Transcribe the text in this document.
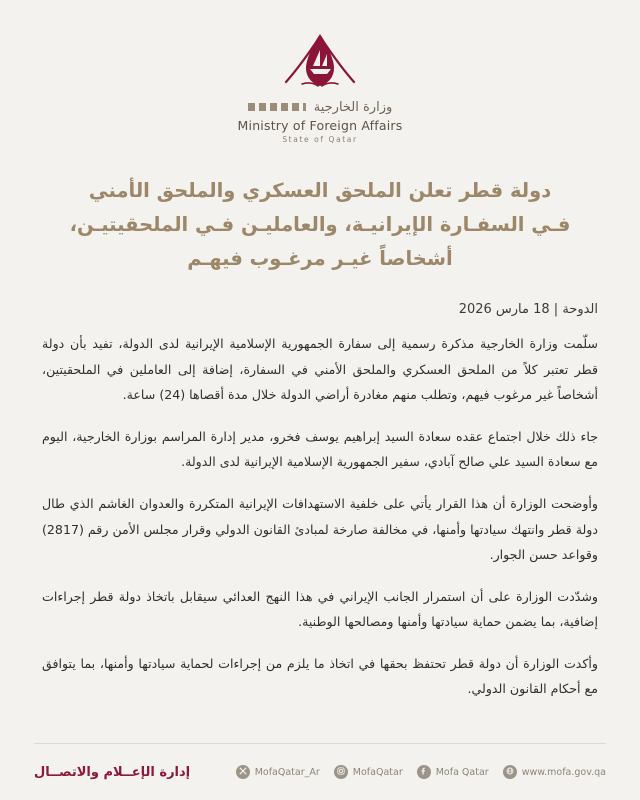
وزارة الخارجية
Ministry of Foreign Affairs
State of Qatar
دولة قطر تعلن الملحق العسكري والملحق الأمني
فـي السفـارة الإيرانيـة، والعامليـن فـي الملحقيتيـن،
أشخاصاً غيـر مرغـوب فيهـم
الدوحة | 18 مارس 2026

سلّمت وزارة الخارجية مذكرة رسمية إلى سفارة الجمهورية الإسلامية الإيرانية لدى الدولة، تفيد بأن دولة قطر تعتبر كلاً من الملحق العسكري والملحق الأمني في السفارة، إضافة إلى العاملين في الملحقيتين، أشخاصاً غير مرغوب فيهم، وتطلب منهم مغادرة أراضي الدولة خلال مدة أقصاها (24) ساعة.

جاء ذلك خلال اجتماع عقده سعادة السيد إبراهيم يوسف فخرو، مدير إدارة المراسم بوزارة الخارجية، اليوم مع سعادة السيد علي صالح آبادي، سفير الجمهورية الإسلامية الإيرانية لدى الدولة.

وأوضحت الوزارة أن هذا القرار يأتي على خلفية الاستهدافات الإيرانية المتكررة والعدوان الغاشم الذي طال دولة قطر وانتهك سيادتها وأمنها، في مخالفة صارخة لمبادئ القانون الدولي وقرار مجلس الأمن رقم (2817) وقواعد حسن الجوار.

وشدّدت الوزارة على أن استمرار الجانب الإيراني في هذا النهج العدائي سيقابل باتخاذ دولة قطر إجراءات إضافية، بما يضمن حماية سيادتها وأمنها ومصالحها الوطنية.

وأكدت الوزارة أن دولة قطر تحتفظ بحقها في اتخاذ ما يلزم من إجراءات لحماية سيادتها وأمنها، بما يتوافق مع أحكام القانون الدولي.

MofaQatar_Ar	MofaQatar	Mofa Qatar	www.mofa.gov.qa
إدارة الإعــلام والاتصــال
